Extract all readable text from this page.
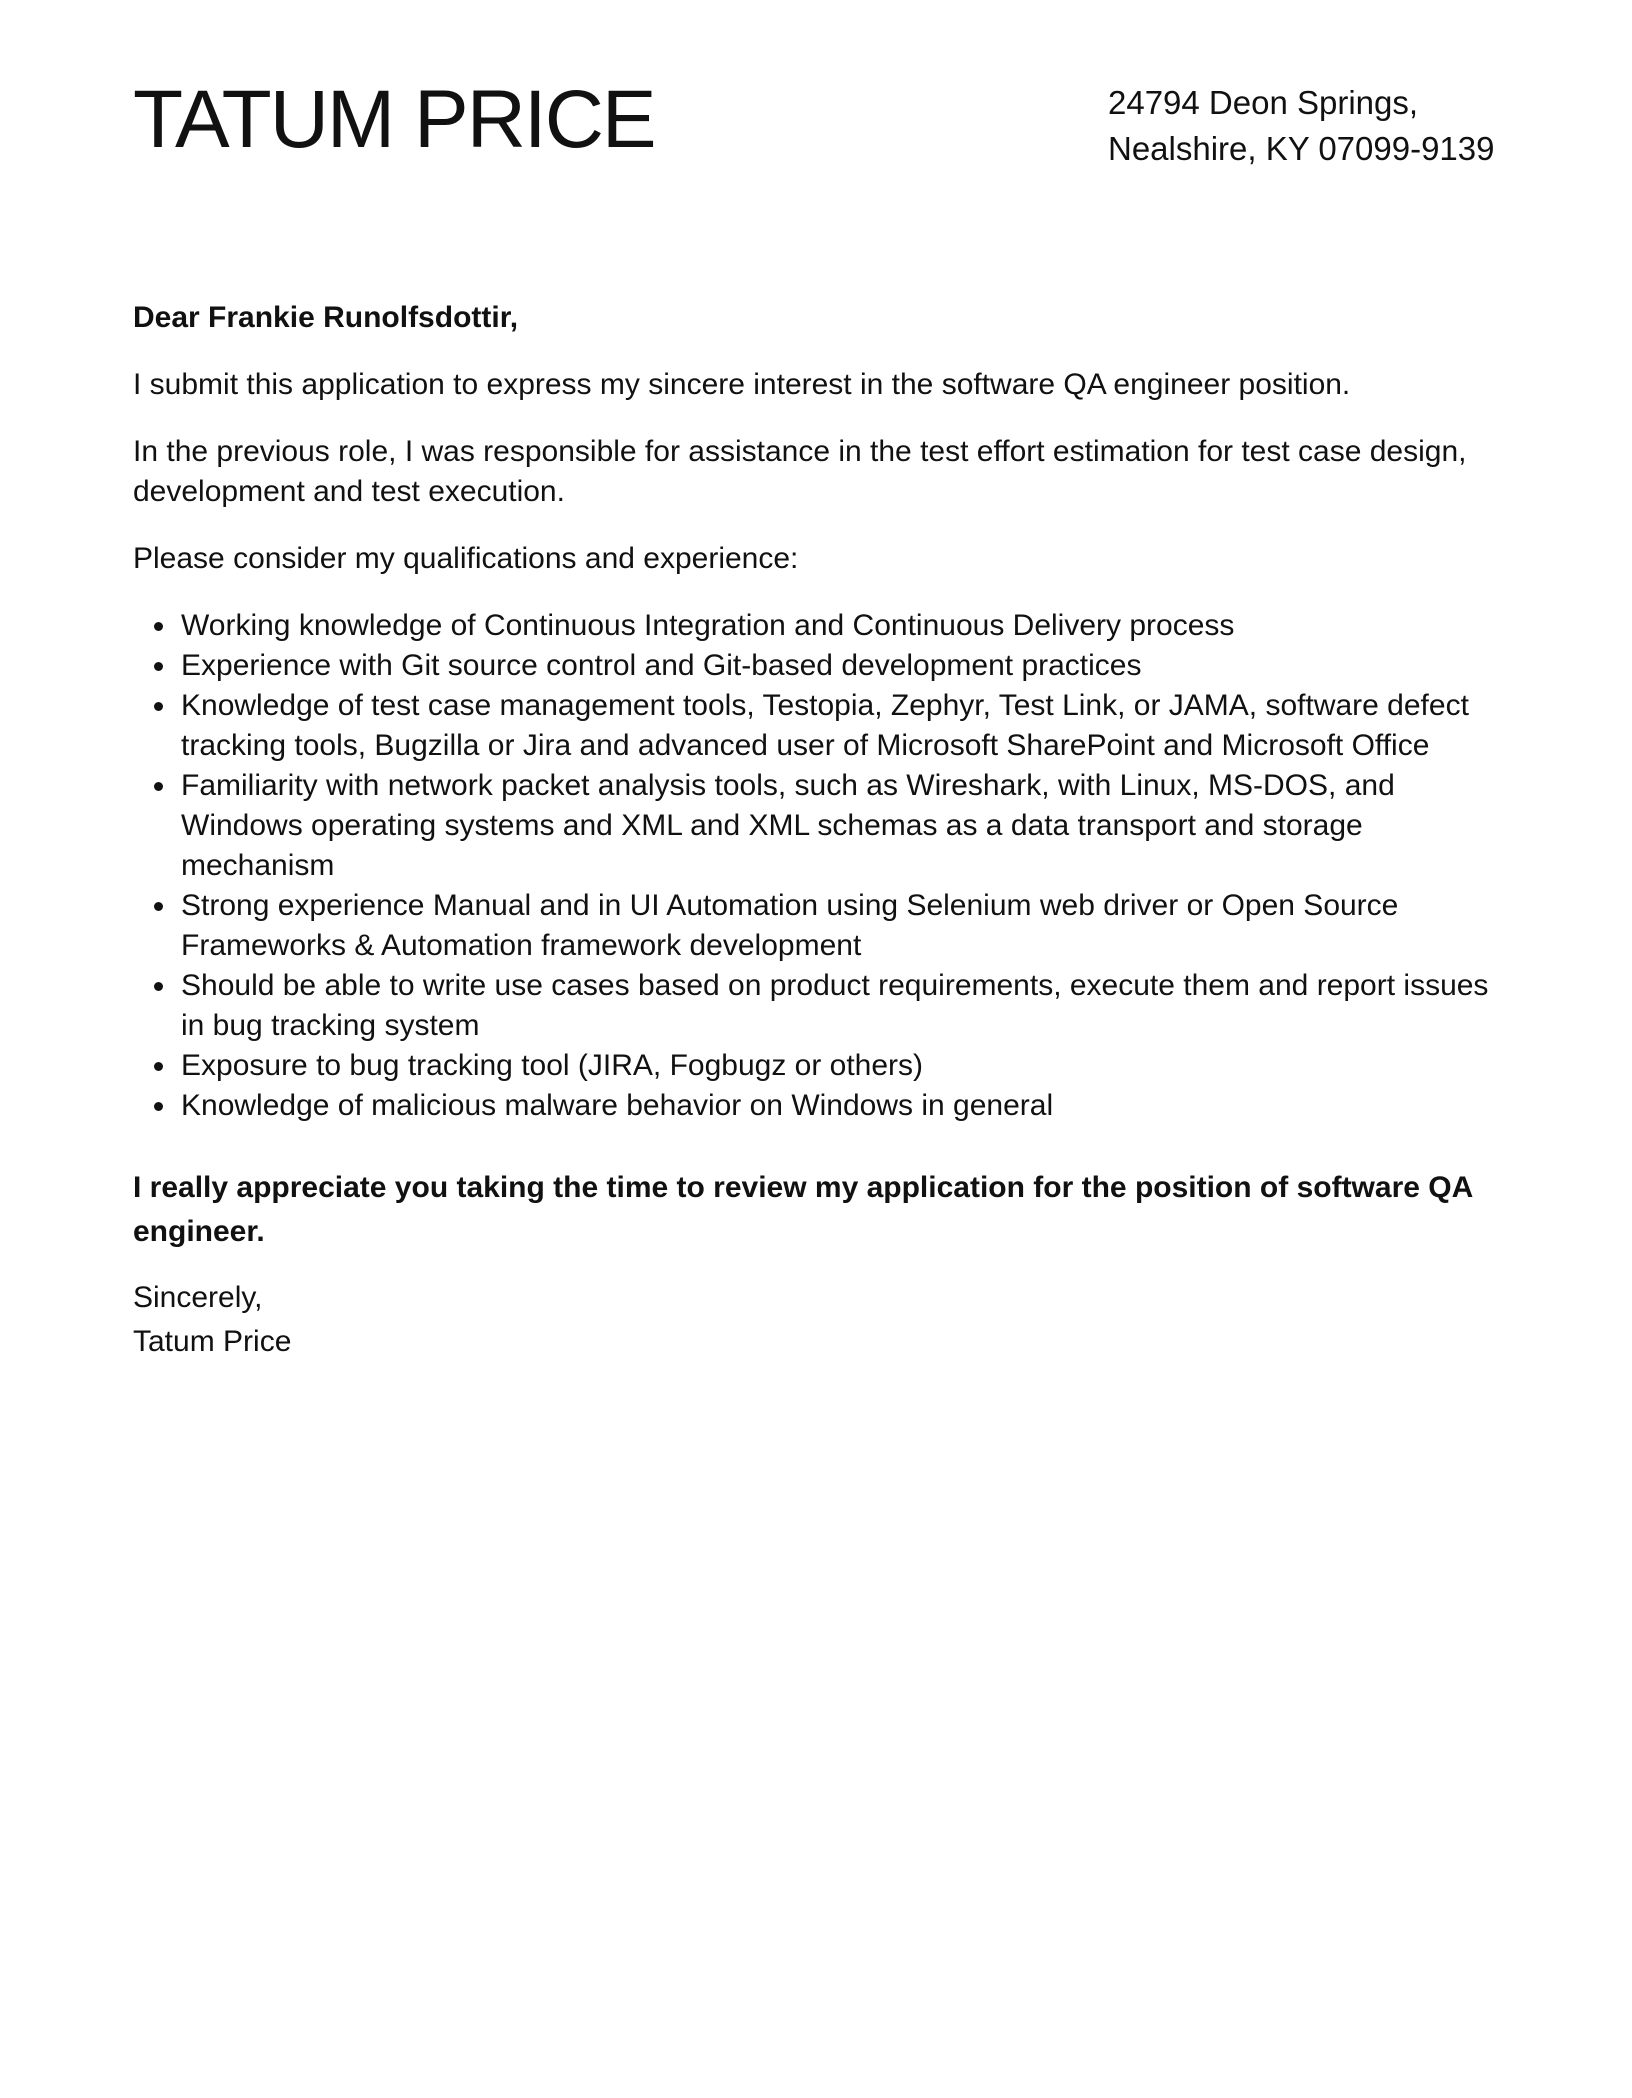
TATUM PRICE	24794 Deon Springs,
Nealshire, KY 07099-9139

Dear Frankie Runolfsdottir,

I submit this application to express my sincere interest in the software QA engineer position.

In the previous role, I was responsible for assistance in the test effort estimation for test case design, development and test execution.

Please consider my qualifications and experience:

Working knowledge of Continuous Integration and Continuous Delivery process
Experience with Git source control and Git-based development practices
Knowledge of test case management tools, Testopia, Zephyr, Test Link, or JAMA, software defect tracking tools, Bugzilla or Jira and advanced user of Microsoft SharePoint and Microsoft Office
Familiarity with network packet analysis tools, such as Wireshark, with Linux, MS-DOS, and Windows operating systems and XML and XML schemas as a data transport and storage mechanism
Strong experience Manual and in UI Automation using Selenium web driver or Open Source Frameworks & Automation framework development
Should be able to write use cases based on product requirements, execute them and report issues in bug tracking system
Exposure to bug tracking tool (JIRA, Fogbugz or others)
Knowledge of malicious malware behavior on Windows in general

I really appreciate you taking the time to review my application for the position of software QA engineer.

Sincerely,
Tatum Price
